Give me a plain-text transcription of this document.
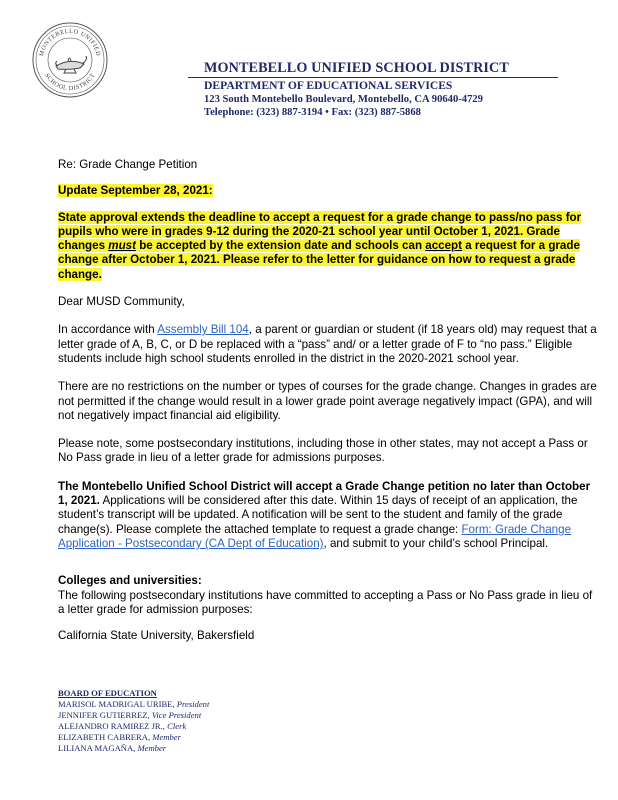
MONTEBELLO UNIFIED
SCHOOL DISTRICT	MONTEBELLO UNIFIED SCHOOL DISTRICT
DEPARTMENT OF EDUCATIONAL SERVICES
123 South Montebello Boulevard, Montebello, CA 90640-4729
Telephone: (323) 887-3194 • Fax: (323) 887-5868

Re: Grade Change Petition

Update September 28, 2021:

State approval extends the deadline to accept a request for a grade change to pass/no pass for pupils who were in grades 9-12 during the 2020-21 school year until October 1, 2021. Grade changes must be accepted by the extension date and schools can accept a request for a grade change after October 1, 2021. Please refer to the letter for guidance on how to request a grade change.

Dear MUSD Community,

In accordance with Assembly Bill 104, a parent or guardian or student (if 18 years old) may request that a letter grade of A, B, C, or D be replaced with a “pass” and/ or a letter grade of F to “no pass.” Eligible students include high school students enrolled in the district in the 2020-2021 school year.

There are no restrictions on the number or types of courses for the grade change. Changes in grades are not permitted if the change would result in a lower grade point average negatively impact (GPA), and will not negatively impact financial aid eligibility.

Please note, some postsecondary institutions, including those in other states, may not accept a Pass or No Pass grade in lieu of a letter grade for admissions purposes.

The Montebello Unified School District will accept a Grade Change petition no later than October 1, 2021. Applications will be considered after this date. Within 15 days of receipt of an application, the student’s transcript will be updated. A notification will be sent to the student and family of the grade change(s). Please complete the attached template to request a grade change: Form: Grade Change Application - Postsecondary (CA Dept of Education), and submit to your child’s school Principal.

Colleges and universities:

The following postsecondary institutions have committed to accepting a Pass or No Pass grade in lieu of a letter grade for admission purposes:

California State University, Bakersfield

BOARD OF EDUCATION
MARISOL MADRIGAL URIBE, President
JENNIFER GUTIERREZ, Vice President
ALEJANDRO RAMIREZ JR., Clerk
ELIZABETH CABRERA, Member
LILIANA MAGAÑA, Member
